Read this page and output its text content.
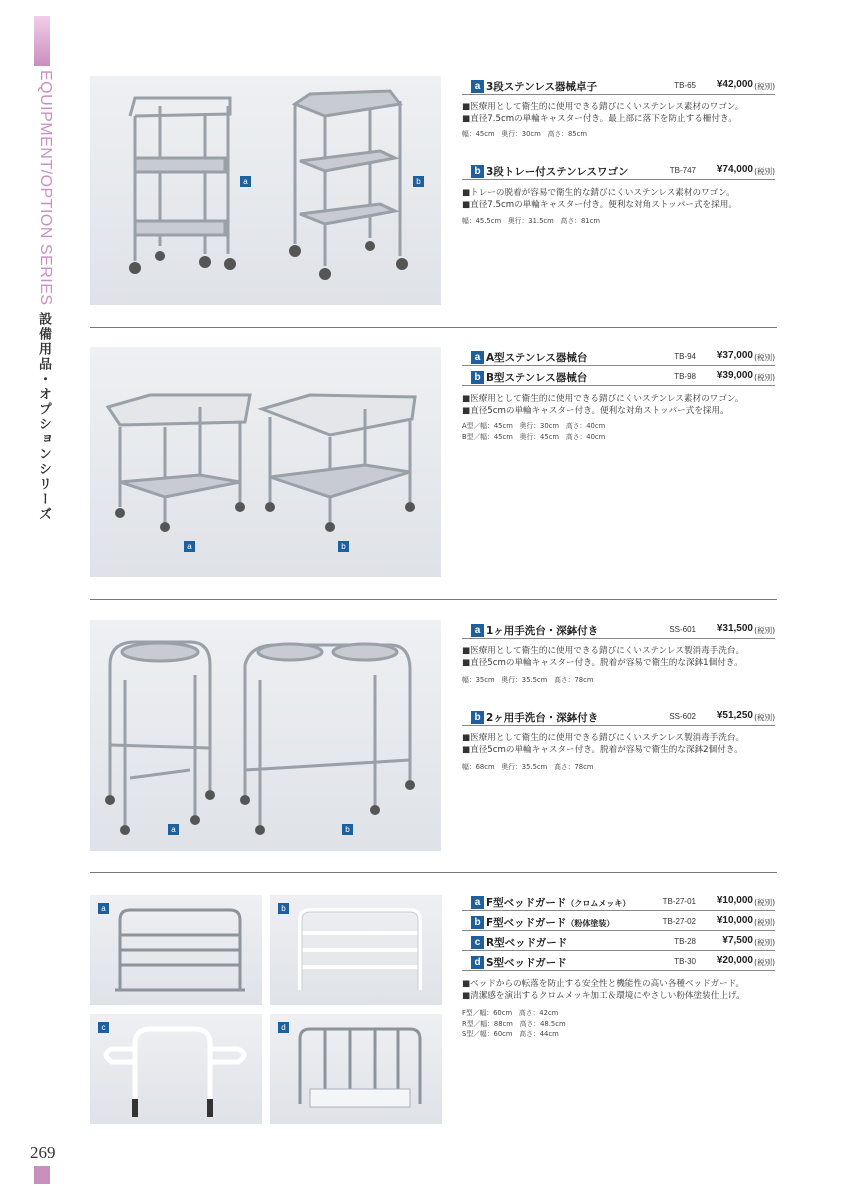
EQUIPMENT/OPTION SERIES
設備用品・オプションシリーズ
269
a	b
a 3段ステンレス器械卓子	TB-65 ¥42,000 (税別)
■医療用として衛生的に使用できる錆びにくいステンレス素材のワゴン。
■直径7.5cmの単輪キャスター付き。最上部に落下を防止する柵付き。
幅：45cm　奥行：30cm　高さ：85cm
b 3段トレー付ステンレスワゴン	TB-747 ¥74,000 (税別)
■トレーの脱着が容易で衛生的な錆びにくいステンレス素材のワゴン。
■直径7.5cmの単輪キャスター付き。便利な対角ストッパー式を採用。
幅：45.5cm　奥行：31.5cm　高さ：81cm
a	b
a A型ステンレス器械台	TB-94 ¥37,000 (税別)
b B型ステンレス器械台	TB-98 ¥39,000 (税別)
■医療用として衛生的に使用できる錆びにくいステンレス素材のワゴン。
■直径5cmの単輪キャスター付き。便利な対角ストッパー式を採用。
A型／幅：45cm　奥行：30cm　高さ：40cm
B型／幅：45cm　奥行：45cm　高さ：40cm
a	b
a 1ヶ用手洗台・深鉢付き	SS-601 ¥31,500 (税別)
■医療用として衛生的に使用できる錆びにくいステンレス製消毒手洗台。
■直径5cmの単輪キャスター付き。脱着が容易で衛生的な深鉢1個付き。
幅：35cm　奥行：35.5cm　高さ：78cm
b 2ヶ用手洗台・深鉢付き	SS-602 ¥51,250 (税別)
■医療用として衛生的に使用できる錆びにくいステンレス製消毒手洗台。
■直径5cmの単輪キャスター付き。脱着が容易で衛生的な深鉢2個付き。
幅：68cm　奥行：35.5cm　高さ：78cm
a	b
c	d
a F型ベッドガード（クロムメッキ）	TB-27-01 ¥10,000 (税別)
b F型ベッドガード（粉体塗装）	TB-27-02 ¥10,000 (税別)
c R型ベッドガード	TB-28	¥7,500 (税別)
d S型ベッドガード	TB-30 ¥20,000 (税別)
■ベッドからの転落を防止する安全性と機能性の高い各種ベッドガード。
■清潔感を演出するクロムメッキ加工＆環境にやさしい粉体塗装仕上げ。
F型／幅：60cm　高さ：42cm
R型／幅：88cm　高さ：48.5cm
S型／幅：60cm　高さ：44cm
